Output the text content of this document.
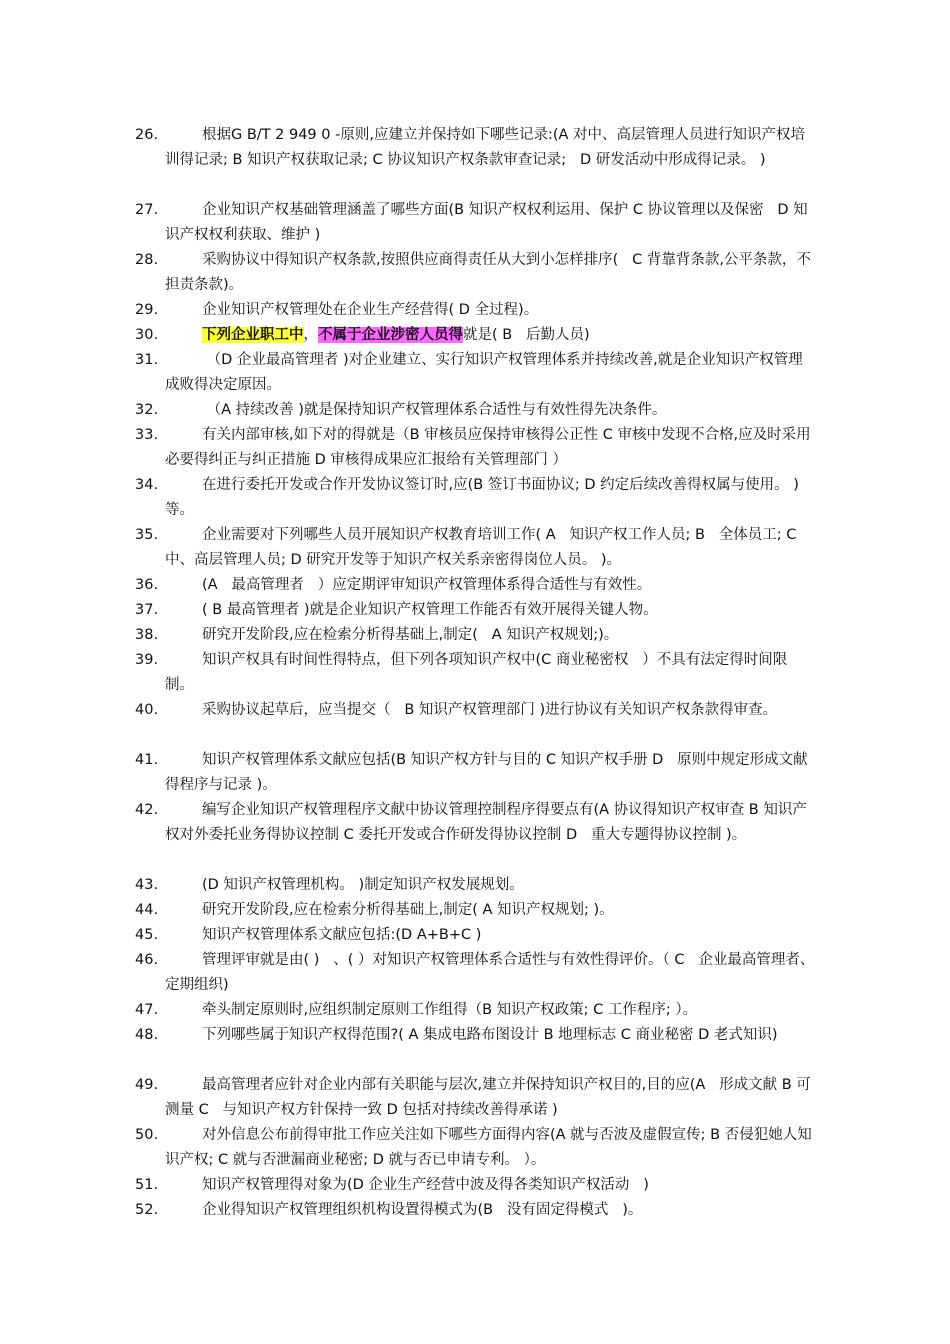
26.	根据G B/T 2 949 0 -原则,应建立并保持如下哪些记录:(A 对中、高层管理人员进行知识产权培训得记录; B 知识产权获取记录; C 协议知识产权条款审查记录;   D 研发活动中形成得记录。 )
27.	企业知识产权基础管理涵盖了哪些方面(B 知识产权权利运用、保护 C 协议管理以及保密   D 知识产权权利获取、维护 )
28.	采购协议中得知识产权条款,按照供应商得责任从大到小怎样排序(   C 背靠背条款,公平条款，不担责条款)。
29.	企业知识产权管理处在企业生产经营得( D 全过程)。
30.	下列企业职工中，不属于企业涉密人员得就是( B   后勤人员)
31.	（D 企业最高管理者 )对企业建立、实行知识产权管理体系并持续改善,就是企业知识产权管理成败得决定原因。
32.	（A 持续改善 )就是保持知识产权管理体系合适性与有效性得先决条件。
33.	有关内部审核,如下对的得就是（B 审核员应保持审核得公正性 C 审核中发现不合格,应及时采用必要得纠正与纠正措施 D 审核得成果应汇报给有关管理部门 ）
34.	在进行委托开发或合作开发协议签订时,应(B 签订书面协议; D 约定后续改善得权属与使用。 )等。
35.	企业需要对下列哪些人员开展知识产权教育培训工作( A   知识产权工作人员; B   全体员工; C 中、高层管理人员; D 研究开发等于知识产权关系亲密得岗位人员。 )。
36.	(A   最高管理者   ）应定期评审知识产权管理体系得合适性与有效性。
37.	( B 最高管理者 )就是企业知识产权管理工作能否有效开展得关键人物。
38.	研究开发阶段,应在检索分析得基础上,制定(   A 知识产权规划;)。
39.	知识产权具有时间性得特点，但下列各项知识产权中(C 商业秘密权   ）不具有法定得时间限制。
40.	采购协议起草后，应当提交（   B 知识产权管理部门 )进行协议有关知识产权条款得审查。
41.	知识产权管理体系文献应包括(B 知识产权方针与目的 C 知识产权手册 D   原则中规定形成文献得程序与记录 )。
42.	编写企业知识产权管理程序文献中协议管理控制程序得要点有(A 协议得知识产权审查 B 知识产权对外委托业务得协议控制 C 委托开发或合作研发得协议控制 D   重大专题得协议控制 )。
43.	(D 知识产权管理机构。 )制定知识产权发展规划。
44.	研究开发阶段,应在检索分析得基础上,制定( A 知识产权规划; )。
45.	知识产权管理体系文献应包括:(D A+B+C )
46.	管理评审就是由( )   、( ）对知识产权管理体系合适性与有效性得评价。（ C   企业最高管理者、定期组织)
47.	牵头制定原则时,应组织制定原则工作组得（B 知识产权政策; C 工作程序; ）。
48.	下列哪些属于知识产权得范围?( A 集成电路布图设计 B 地理标志 C 商业秘密 D 老式知识)
49.	最高管理者应针对企业内部有关职能与层次,建立并保持知识产权目的,目的应(A   形成文献 B 可测量 C   与知识产权方针保持一致 D 包括对持续改善得承诺 )
50.	对外信息公布前得审批工作应关注如下哪些方面得内容(A 就与否波及虚假宣传; B 否侵犯她人知识产权; C 就与否泄漏商业秘密; D 就与否已申请专利。 ）。
51.	知识产权管理得对象为(D 企业生产经营中波及得各类知识产权活动   )
52.	企业得知识产权管理组织机构设置得模式为(B   没有固定得模式   )。
